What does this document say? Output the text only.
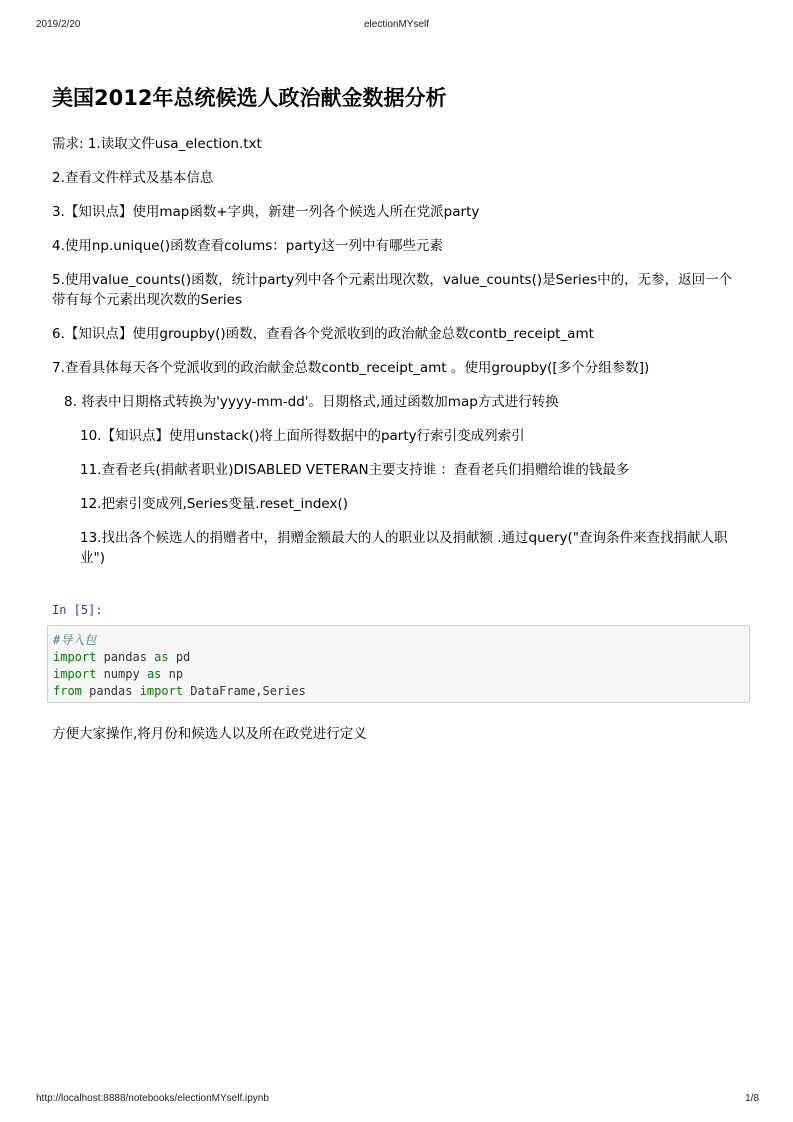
2019/2/20	electionMYself
美国2012年总统候选人政治献金数据分析

需求: 1.读取文件usa_election.txt

2.查看文件样式及基本信息

3.【知识点】使用map函数+字典，新建一列各个候选人所在党派party

4.使用np.unique()函数查看colums：party这一列中有哪些元素

5.使用value_counts()函数，统计party列中各个元素出现次数，value_counts()是Series中的，无参，返回一个带有每个元素出现次数的Series

6.【知识点】使用groupby()函数，查看各个党派收到的政治献金总数contb_receipt_amt

7.查看具体每天各个党派收到的政治献金总数contb_receipt_amt 。使用groupby([多个分组参数])

8. 将表中日期格式转换为'yyyy-mm-dd'。日期格式,通过函数加map方式进行转换

10.【知识点】使用unstack()将上面所得数据中的party行索引变成列索引

11.查看老兵(捐献者职业)DISABLED VETERAN主要支持谁 ：查看老兵们捐赠给谁的钱最多

12.把索引变成列,Series变量.reset_index()

13.找出各个候选人的捐赠者中，捐赠金额最大的人的职业以及捐献额 .通过query("查询条件来查找捐献人职业")

In [5]:
#导入包
import pandas as pd
import numpy as np
from pandas import DataFrame,Series

方便大家操作,将月份和候选人以及所在政党进行定义

http://localhost:8888/notebooks/electionMYself.ipynb	1/8
